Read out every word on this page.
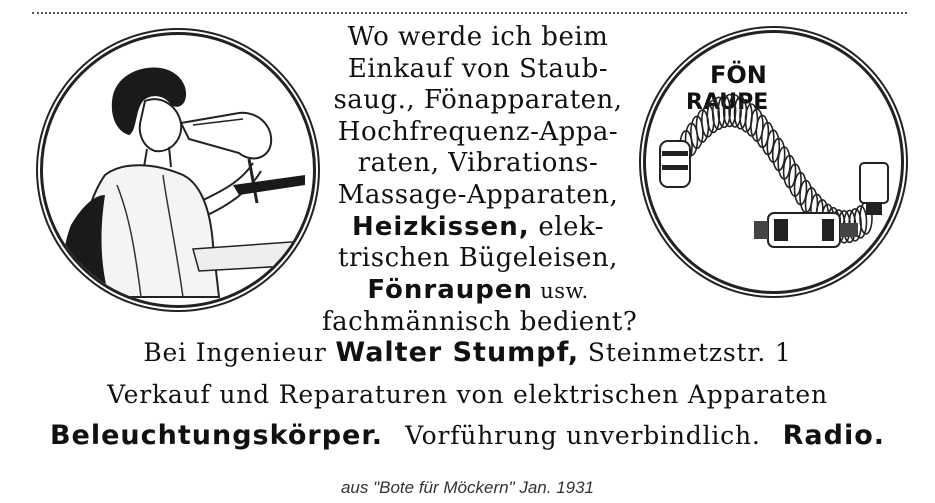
Wo werde ich beim
Einkauf von Staub-
saug., Fönapparaten,
Hochfrequenz-Appa-
raten, Vibrations-
Massage-Apparaten,
Heizkissen, elek-
trischen Bügeleisen,
Fönraupen usw.
fachmännisch bedient?
FÖN
RAUPE
Bei Ingenieur Walter Stumpf, Steinmetzstr. 1
Verkauf und Reparaturen von elektrischen Apparaten
Beleuchtungskörper. Vorführung unverbindlich. Radio.
aus "Bote für Möckern" Jan. 1931
